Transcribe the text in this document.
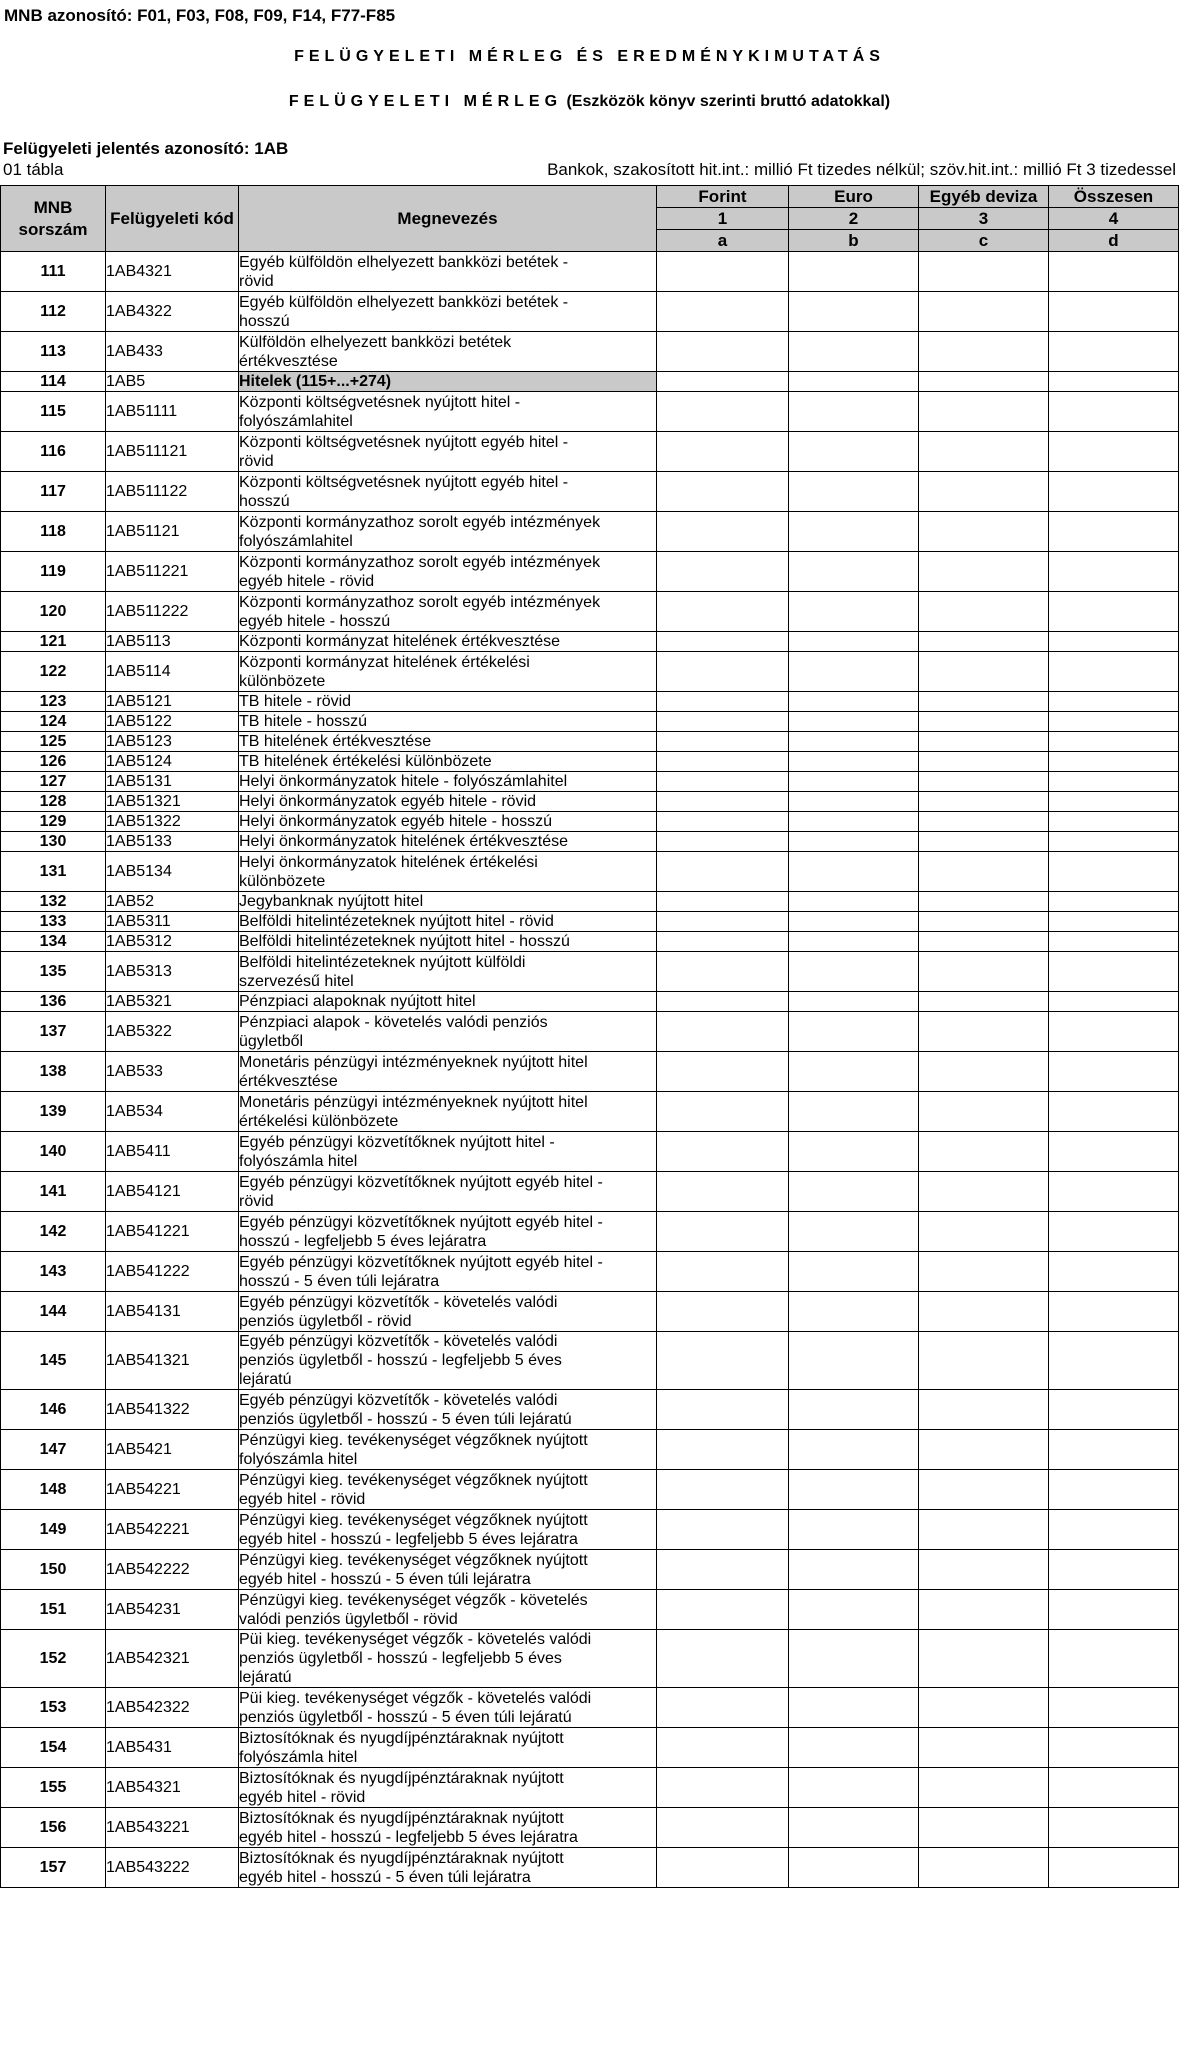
MNB azonosító: F01, F03, F08, F09, F14, F77-F85
FELÜGYELETI MÉRLEG ÉS EREDMÉNYKIMUTATÁS
FELÜGYELETI MÉRLEG (Eszközök könyv szerinti bruttó adatokkal)
Felügyeleti jelentés azonosító: 1AB
01 tábla	Bankok, szakosított hit.int.: millió Ft tizedes nélkül; szöv.hit.int.: millió Ft 3 tizedessel
MNB sorszám	Felügyeleti kód	Megnevezés	Forint	Euro	Egyéb deviza	Összesen
			1	2	3	4
			a	b	c	d
111	1AB4321	Egyéb külföldön elhelyezett bankközi betétek -
rövid				

112	1AB4322	Egyéb külföldön elhelyezett bankközi betétek -
hosszú				

113	1AB433	Külföldön elhelyezett bankközi betétek
értékvesztése				

114	1AB5	Hitelek (115+...+274)				

115	1AB51111	Központi költségvetésnek nyújtott hitel -
folyószámlahitel				

116	1AB511121	Központi költségvetésnek nyújtott egyéb hitel -
rövid				

117	1AB511122	Központi költségvetésnek nyújtott egyéb hitel -
hosszú				

118	1AB51121	Központi kormányzathoz sorolt egyéb intézmények
folyószámlahitel				

119	1AB511221	Központi kormányzathoz sorolt egyéb intézmények
egyéb hitele - rövid				

120	1AB511222	Központi kormányzathoz sorolt egyéb intézmények
egyéb hitele - hosszú				

121	1AB5113	Központi kormányzat hitelének értékvesztése				

122	1AB5114	Központi kormányzat hitelének értékelési
különbözete				

123	1AB5121	TB hitele - rövid				

124	1AB5122	TB hitele - hosszú				

125	1AB5123	TB hitelének értékvesztése				

126	1AB5124	TB hitelének értékelési különbözete				

127	1AB5131	Helyi önkormányzatok hitele - folyószámlahitel				

128	1AB51321	Helyi önkormányzatok egyéb hitele - rövid				

129	1AB51322	Helyi önkormányzatok egyéb hitele - hosszú				

130	1AB5133	Helyi önkormányzatok hitelének értékvesztése				

131	1AB5134	Helyi önkormányzatok hitelének értékelési
különbözete				

132	1AB52	Jegybanknak nyújtott hitel				

133	1AB5311	Belföldi hitelintézeteknek nyújtott hitel - rövid				

134	1AB5312	Belföldi hitelintézeteknek nyújtott hitel - hosszú				

135	1AB5313	Belföldi hitelintézeteknek nyújtott külföldi
szervezésű hitel				

136	1AB5321	Pénzpiaci alapoknak nyújtott hitel				

137	1AB5322	Pénzpiaci alapok - követelés valódi penziós
ügyletből				

138	1AB533	Monetáris pénzügyi intézményeknek nyújtott hitel
értékvesztése				

139	1AB534	Monetáris pénzügyi intézményeknek nyújtott hitel
értékelési különbözete				

140	1AB5411	Egyéb pénzügyi közvetítőknek nyújtott hitel -
folyószámla hitel				

141	1AB54121	Egyéb pénzügyi közvetítőknek nyújtott egyéb hitel -
rövid				

142	1AB541221	Egyéb pénzügyi közvetítőknek nyújtott egyéb hitel -
hosszú - legfeljebb 5 éves lejáratra				

143	1AB541222	Egyéb pénzügyi közvetítőknek nyújtott egyéb hitel -
hosszú - 5 éven túli lejáratra				

144	1AB54131	Egyéb pénzügyi közvetítők - követelés valódi
penziós ügyletből - rövid				

145	1AB541321	Egyéb pénzügyi közvetítők - követelés valódi
penziós ügyletből - hosszú - legfeljebb 5 éves
lejáratú				

146	1AB541322	Egyéb pénzügyi közvetítők - követelés valódi
penziós ügyletből - hosszú - 5 éven túli lejáratú				

147	1AB5421	Pénzügyi kieg. tevékenységet végzőknek nyújtott
folyószámla hitel				

148	1AB54221	Pénzügyi kieg. tevékenységet végzőknek nyújtott
egyéb hitel - rövid				

149	1AB542221	Pénzügyi kieg. tevékenységet végzőknek nyújtott
egyéb hitel - hosszú - legfeljebb 5 éves lejáratra				

150	1AB542222	Pénzügyi kieg. tevékenységet végzőknek nyújtott
egyéb hitel - hosszú - 5 éven túli lejáratra				

151	1AB54231	Pénzügyi kieg. tevékenységet végzők - követelés
valódi penziós ügyletből - rövid				

152	1AB542321	Püi kieg. tevékenységet végzők - követelés valódi
penziós ügyletből - hosszú - legfeljebb 5 éves
lejáratú				

153	1AB542322	Püi kieg. tevékenységet végzők - követelés valódi
penziós ügyletből - hosszú - 5 éven túli lejáratú				

154	1AB5431	Biztosítóknak és nyugdíjpénztáraknak nyújtott
folyószámla hitel				

155	1AB54321	Biztosítóknak és nyugdíjpénztáraknak nyújtott
egyéb hitel - rövid				

156	1AB543221	Biztosítóknak és nyugdíjpénztáraknak nyújtott
egyéb hitel - hosszú - legfeljebb 5 éves lejáratra				

157	1AB543222	Biztosítóknak és nyugdíjpénztáraknak nyújtott
egyéb hitel - hosszú - 5 éven túli lejáratra				
